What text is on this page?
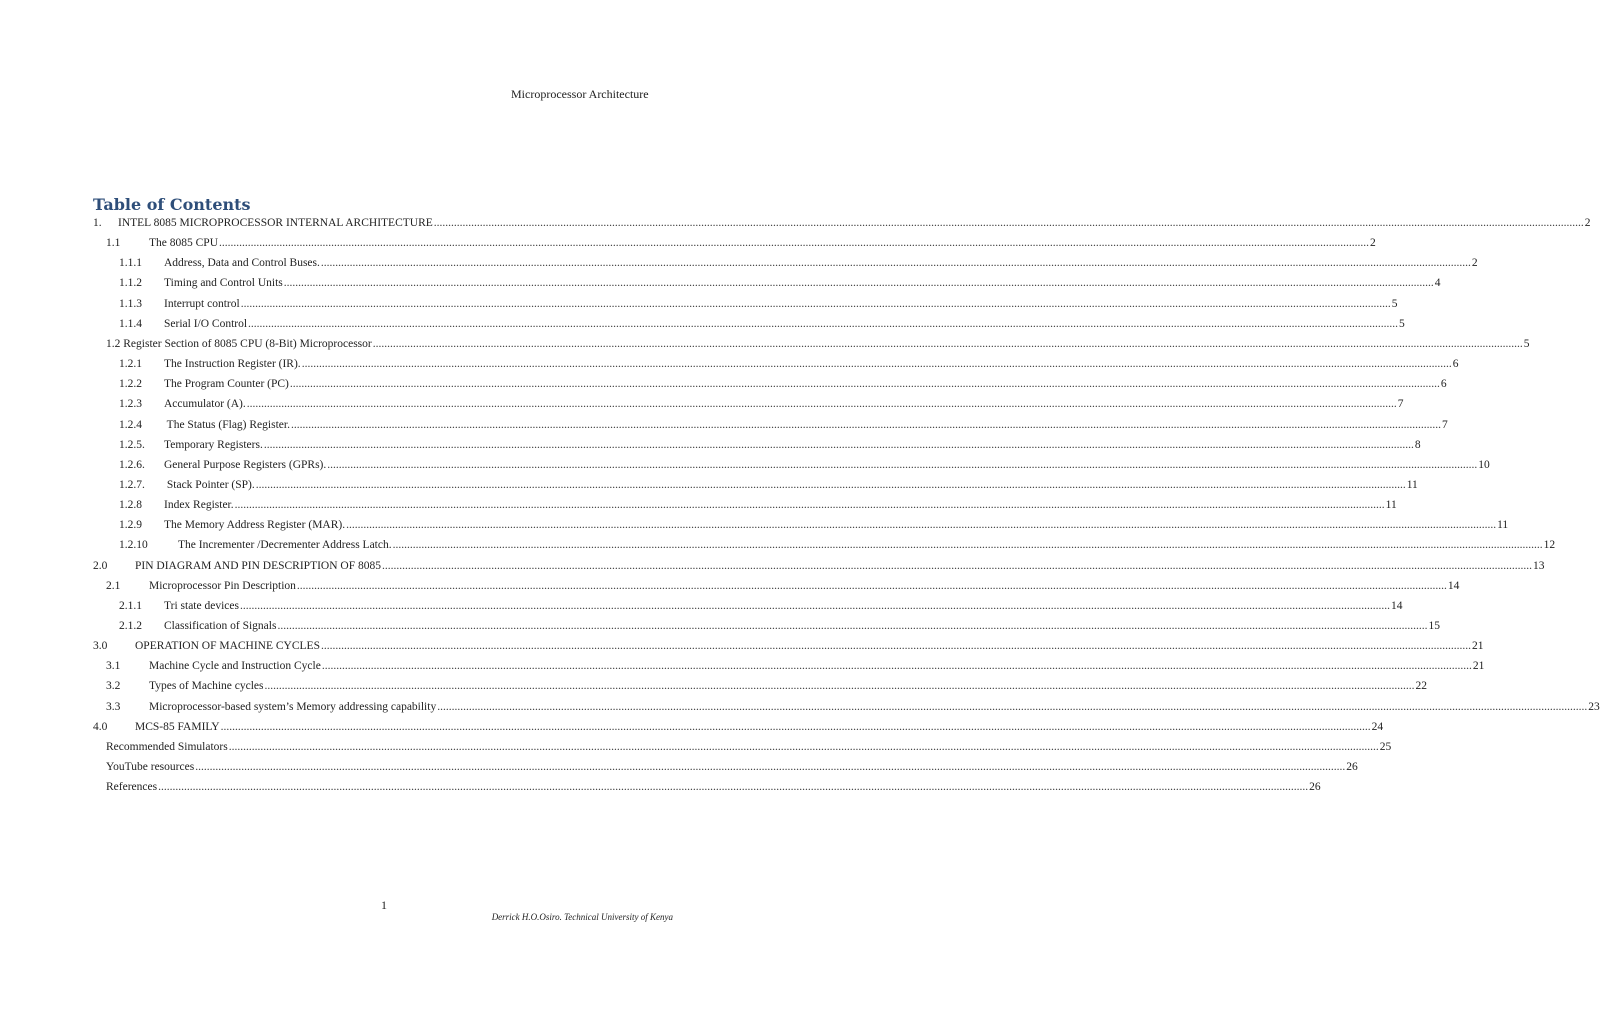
Microprocessor Architecture
Table of Contents
1. INTEL 8085 MICROPROCESSOR INTERNAL ARCHITECTURE ................................................................................................................................................................................................................................................................................................................................................................................................................ 2
1.1 The 8085 CPU ................................................................................................................................................................................................................................................................................................................................................................................................................ 2
1.1.1 Address, Data and Control Buses. ................................................................................................................................................................................................................................................................................................................................................................................................................ 2
1.1.2 Timing and Control Units ................................................................................................................................................................................................................................................................................................................................................................................................................ 4
1.1.3 Interrupt control ................................................................................................................................................................................................................................................................................................................................................................................................................ 5
1.1.4 Serial I/O Control ................................................................................................................................................................................................................................................................................................................................................................................................................ 5
1.2 Register Section of 8085 CPU (8-Bit) Microprocessor ................................................................................................................................................................................................................................................................................................................................................................................................................ 5
1.2.1 The Instruction Register (IR). ................................................................................................................................................................................................................................................................................................................................................................................................................ 6
1.2.2 The Program Counter (PC) ................................................................................................................................................................................................................................................................................................................................................................................................................ 6
1.2.3 Accumulator (A). ................................................................................................................................................................................................................................................................................................................................................................................................................ 7
1.2.4 The Status (Flag) Register. ................................................................................................................................................................................................................................................................................................................................................................................................................ 7
1.2.5. Temporary Registers. ................................................................................................................................................................................................................................................................................................................................................................................................................ 8
1.2.6. General Purpose Registers (GPRs). ................................................................................................................................................................................................................................................................................................................................................................................................................ 10
1.2.7. Stack Pointer (SP). ................................................................................................................................................................................................................................................................................................................................................................................................................ 11
1.2.8 Index Register. ................................................................................................................................................................................................................................................................................................................................................................................................................ 11
1.2.9 The Memory Address Register (MAR). ................................................................................................................................................................................................................................................................................................................................................................................................................ 11
1.2.10	The Incrementer /Decrementer Address Latch. ................................................................................................................................................................................................................................................................................................................................................................................................................ 12
2.0 PIN DIAGRAM AND PIN DESCRIPTION OF 8085 ................................................................................................................................................................................................................................................................................................................................................................................................................ 13
2.1 Microprocessor Pin Description ................................................................................................................................................................................................................................................................................................................................................................................................................ 14
2.1.1 Tri state devices ................................................................................................................................................................................................................................................................................................................................................................................................................ 14
2.1.2 Classification of Signals ................................................................................................................................................................................................................................................................................................................................................................................................................ 15
3.0 OPERATION OF MACHINE CYCLES ................................................................................................................................................................................................................................................................................................................................................................................................................ 21
3.1 Machine Cycle and Instruction Cycle ................................................................................................................................................................................................................................................................................................................................................................................................................ 21
3.2 Types of Machine cycles ................................................................................................................................................................................................................................................................................................................................................................................................................ 22
3.3 Microprocessor-based system’s Memory addressing capability ................................................................................................................................................................................................................................................................................................................................................................................................................ 23
4.0 MCS-85 FAMILY ................................................................................................................................................................................................................................................................................................................................................................................................................ 24
Recommended Simulators ................................................................................................................................................................................................................................................................................................................................................................................................................ 25
YouTube resources ................................................................................................................................................................................................................................................................................................................................................................................................................ 26
References ................................................................................................................................................................................................................................................................................................................................................................................................................ 26
1
Derrick H.O.Osiro. Technical University of Kenya
